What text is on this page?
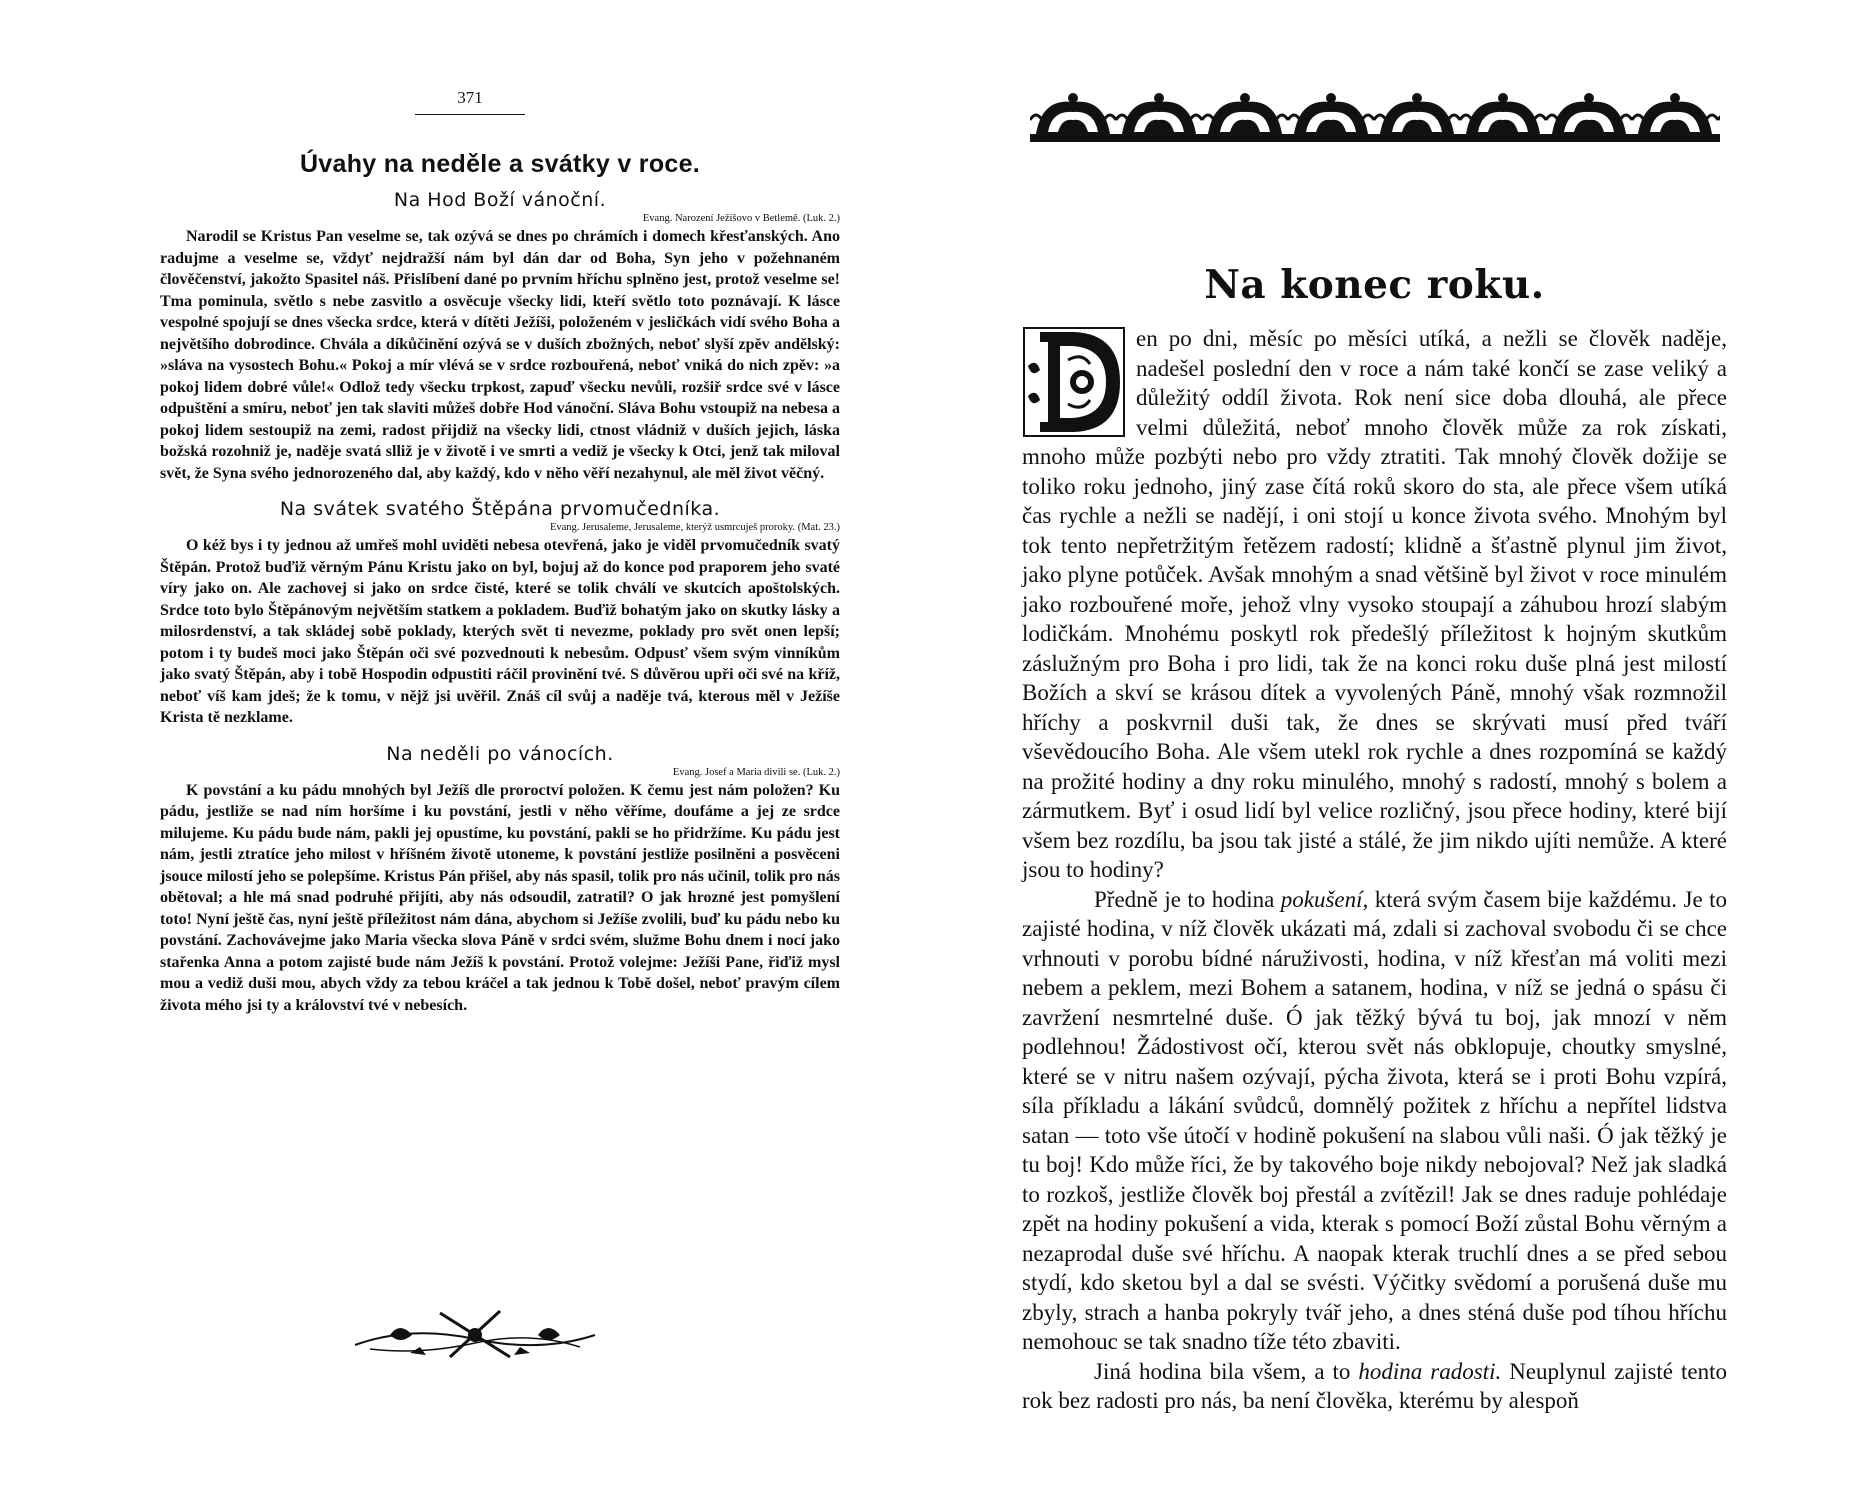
371
Úvahy na neděle a svátky v roce.
Na Hod Boží vánoční.
Evang. Narození Ježíšovo v Betlemě. (Luk. 2.)

Narodil se Kristus Pan veselme se, tak ozývá se dnes po chrámích i domech křesťanských. Ano radujme a veselme se, vždyť nejdražší nám byl dán dar od Boha, Syn jeho v požehnaném člověčenství, jakožto Spasitel náš. Přislíbení dané po prvním hříchu splněno jest, protož veselme se! Tma pominula, světlo s nebe zasvitlo a osvěcuje všecky lidi, kteří světlo toto poznávají. K lásce vespolné spojují se dnes všecka srdce, která v dítěti Ježíši, položeném v jesličkách vidí svého Boha a největšího dobrodince. Chvála a díkůčinění ozývá se v duších zbožných, neboť slyší zpěv andělský: »sláva na vysostech Bohu.« Pokoj a mír vlévá se v srdce rozbouřená, neboť vniká do nich zpěv: »a pokoj lidem dobré vůle!« Odlož tedy všecku trpkost, zapuď všecku nevůli, rozšiř srdce své v lásce odpuštění a smíru, neboť jen tak slaviti můžeš dobře Hod vánoční. Sláva Bohu vstoupiž na nebesa a pokoj lidem sestoupiž na zemi, radost přijdiž na všecky lidi, ctnost vládniž v duších jejich, láska božská rozohniž je, naděje svatá slliž je v životě i ve smrti a vediž je všecky k Otci, jenž tak miloval svět, že Syna svého jednorozeného dal, aby každý, kdo v něho věří nezahynul, ale měl život věčný.

Na svátek svatého Štěpána prvomučedníka.
Evang. Jerusaleme, Jerusaleme, kterýž usmrcuješ proroky. (Mat. 23.)

O kéž bys i ty jednou až umřeš mohl uviděti nebesa otevřená, jako je viděl prvomučedník svatý Štěpán. Protož buďiž věrným Pánu Kristu jako on byl, bojuj až do konce pod praporem jeho svaté víry jako on. Ale zachovej si jako on srdce čisté, které se tolik chválí ve skutcích apoštolských. Srdce toto bylo Štěpánovým největším statkem a pokladem. Buďiž bohatým jako on skutky lásky a milosrdenství, a tak skládej sobě poklady, kterých svět ti nevezme, poklady pro svět onen lepší; potom i ty budeš moci jako Štěpán oči své pozvednouti k nebesům. Odpusť všem svým vinníkům jako svatý Štěpán, aby i tobě Hospodin odpustiti ráčil provinění tvé. S důvěrou upři oči své na kříž, neboť víš kam jdeš; že k tomu, v nějž jsi uvěřil. Znáš cíl svůj a naděje tvá, kterous měl v Ježíše Krista tě nezklame.

Na neděli po vánocích.
Evang. Josef a Maria divili se. (Luk. 2.)

K povstání a ku pádu mnohých byl Ježíš dle proroctví položen. K čemu jest nám položen? Ku pádu, jestliže se nad ním horšíme i ku povstání, jestli v něho věříme, doufáme a jej ze srdce milujeme. Ku pádu bude nám, pakli jej opustíme, ku povstání, pakli se ho přidržíme. Ku pádu jest nám, jestli ztratíce jeho milost v hříšném životě utoneme, k povstání jestliže posilněni a posvěceni jsouce milostí jeho se polepšíme. Kristus Pán přišel, aby nás spasil, tolik pro nás učinil, tolik pro nás obětoval; a hle má snad podruhé přijíti, aby nás odsoudil, zatratil? O jak hrozné jest pomyšlení toto! Nyní ještě čas, nyní ještě příležitost nám dána, abychom si Ježíše zvolili, buď ku pádu nebo ku povstání. Zachovávejme jako Maria všecka slova Páně v srdci svém, služme Bohu dnem i nocí jako stařenka Anna a potom zajisté bude nám Ježíš k povstání. Protož volejme: Ježíši Pane, řiďiž mysl mou a vediž duši mou, abych vždy za tebou kráčel a tak jednou k Tobě došel, neboť pravým cílem života mého jsi ty a království tvé v nebesích.

Na konec roku.

D
en po dni, měsíc po měsíci utíká, a nežli se člověk naděje, nadešel poslední den v roce a nám také končí se zase veliký a důležitý oddíl života. Rok není sice doba dlouhá, ale přece velmi důležitá, neboť mnoho člověk může za rok získati, mnoho může pozbýti nebo pro vždy ztratiti. Tak mnohý člověk dožije se toliko roku jednoho, jiný zase čítá roků skoro do sta, ale přece všem utíká čas rychle a nežli se nadějí, i oni stojí u konce života svého. Mnohým byl tok tento nepřetržitým řetězem radostí; klidně a šťastně plynul jim život, jako plyne potůček. Avšak mnohým a snad většině byl život v roce minulém jako rozbouřené moře, jehož vlny vysoko stoupají a záhubou hrozí slabým lodičkám. Mnohému poskytl rok předešlý příležitost k hojným skutkům záslužným pro Boha i pro lidi, tak že na konci roku duše plná jest milostí Božích a skví se krásou dítek a vyvolených Páně, mnohý však rozmnožil hříchy a poskvrnil duši tak, že dnes se skrývati musí před tváří vševědoucího Boha. Ale všem utekl rok rychle a dnes rozpomíná se každý na prožité hodiny a dny roku minulého, mnohý s radostí, mnohý s bolem a zármutkem. Byť i osud lidí byl velice rozličný, jsou přece hodiny, které bijí všem bez rozdílu, ba jsou tak jisté a stálé, že jim nikdo ujíti nemůže. A které jsou to hodiny?

Předně je to hodina pokušení, která svým časem bije každému. Je to zajisté hodina, v níž člověk ukázati má, zdali si zachoval svobodu či se chce vrhnouti v porobu bídné náruživosti, hodina, v níž křesťan má voliti mezi nebem a peklem, mezi Bohem a satanem, hodina, v níž se jedná o spásu či zavržení nesmrtelné duše. Ó jak těžký bývá tu boj, jak mnozí v něm podlehnou! Žádostivost očí, kterou svět nás obklopuje, choutky smyslné, které se v nitru našem ozývají, pýcha života, která se i proti Bohu vzpírá, síla příkladu a lákání svůdců, domnělý požitek z hříchu a nepřítel lidstva satan — toto vše útočí v hodině pokušení na slabou vůli naši. Ó jak těžký je tu boj! Kdo může říci, že by takového boje nikdy nebojoval? Než jak sladká to rozkoš, jestliže člověk boj přestál a zvítězil! Jak se dnes raduje pohlédaje zpět na hodiny pokušení a vida, kterak s pomocí Boží zůstal Bohu věrným a nezaprodal duše své hříchu. A naopak kterak truchlí dnes a se před sebou stydí, kdo sketou byl a dal se svésti. Výčitky svědomí a porušená duše mu zbyly, strach a hanba pokryly tvář jeho, a dnes sténá duše pod tíhou hříchu nemohouc se tak snadno tíže této zbaviti.

Jiná hodina bila všem, a to hodina radosti. Neuplynul zajisté tento rok bez radosti pro nás, ba není člověka, kterému by alespoň
